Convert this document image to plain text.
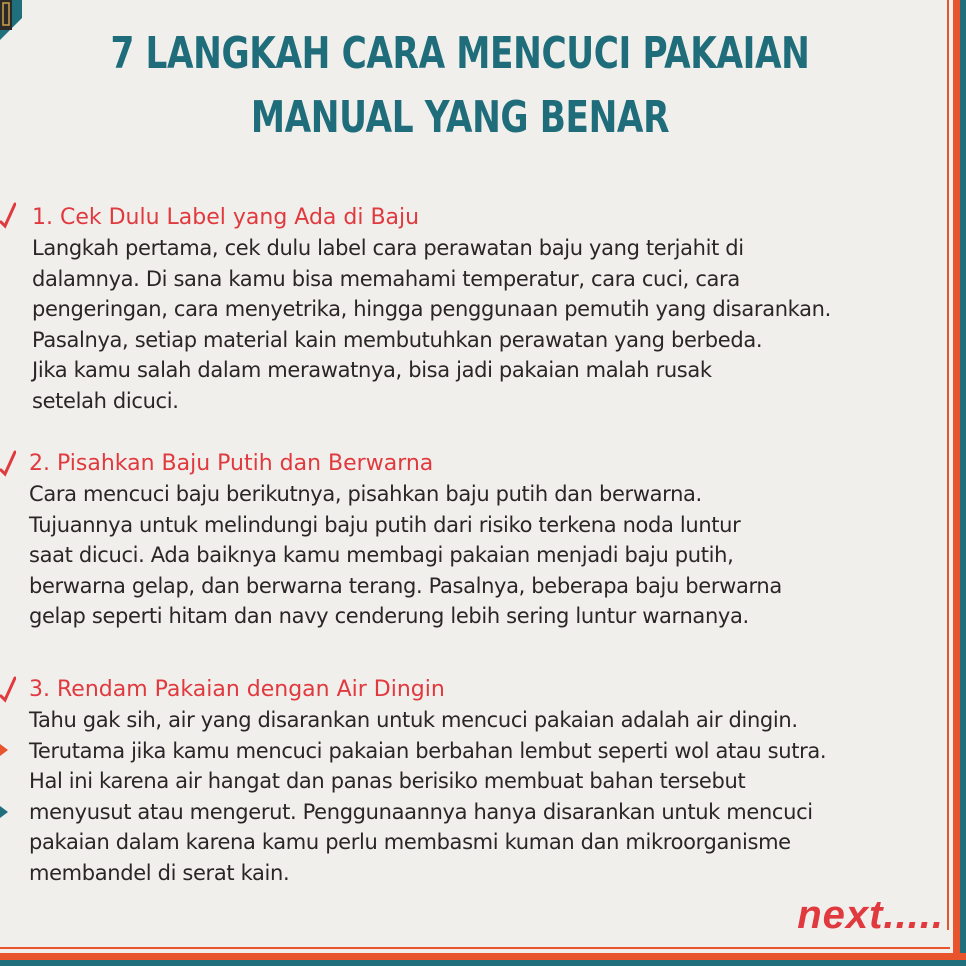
7 LANGKAH CARA MENCUCI PAKAIAN
MANUAL YANG BENAR
1. Cek Dulu Label yang Ada di Baju
Langkah pertama, cek dulu label cara perawatan baju yang terjahit di
dalamnya. Di sana kamu bisa memahami temperatur, cara cuci, cara
pengeringan, cara menyetrika, hingga penggunaan pemutih yang disarankan.
Pasalnya, setiap material kain membutuhkan perawatan yang berbeda.
Jika kamu salah dalam merawatnya, bisa jadi pakaian malah rusak
setelah dicuci.
2. Pisahkan Baju Putih dan Berwarna
Cara mencuci baju berikutnya, pisahkan baju putih dan berwarna.
Tujuannya untuk melindungi baju putih dari risiko terkena noda luntur
saat dicuci. Ada baiknya kamu membagi pakaian menjadi baju putih,
berwarna gelap, dan berwarna terang. Pasalnya, beberapa baju berwarna
gelap seperti hitam dan navy cenderung lebih sering luntur warnanya.
3. Rendam Pakaian dengan Air Dingin
Tahu gak sih, air yang disarankan untuk mencuci pakaian adalah air dingin.
Terutama jika kamu mencuci pakaian berbahan lembut seperti wol atau sutra.
Hal ini karena air hangat dan panas berisiko membuat bahan tersebut
menyusut atau mengerut. Penggunaannya hanya disarankan untuk mencuci
pakaian dalam karena kamu perlu membasmi kuman dan mikroorganisme
membandel di serat kain.
next.....
